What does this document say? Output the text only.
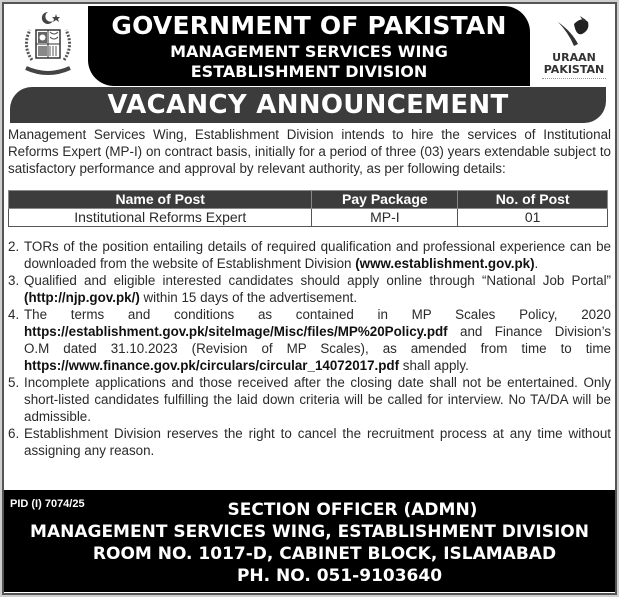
GOVERNMENT OF PAKISTAN
MANAGEMENT SERVICES WING
ESTABLISHMENT DIVISION
URAAN
PAKISTAN
VACANCY ANNOUNCEMENT
Management Services Wing, Establishment Division intends to hire the services of Institutional Reforms Expert (MP-I) on contract basis, initially for a period of three (03) years extendable subject to satisfactory performance and approval by relevant authority, as per following details:
Name of Post	Pay Package	No. of Post
Institutional Reforms Expert	MP-I	01
2. TORs of the position entailing details of required qualification and professional experience can be downloaded from the website of Establishment Division (www.establishment.gov.pk).
3. Qualified and eligible interested candidates should apply online through “National Job Portal” (http://njp.gov.pk/) within 15 days of the advertisement.
4. The terms and conditions as contained in MP Scales Policy, 2020 https://establishment.gov.pk/sitelmage/Misc/files/MP%20Policy.pdf and Finance Division’s O.M dated 31.10.2023 (Revision of MP Scales), as amended from time to time https://www.finance.gov.pk/circulars/circular_14072017.pdf shall apply.
5. Incomplete applications and those received after the closing date shall not be entertained. Only short-listed candidates fulfilling the laid down criteria will be called for interview. No TA/DA will be admissible.
6. Establishment Division reserves the right to cancel the recruitment process at any time without assigning any reason.
PID (I) 7074/25	SECTION OFFICER (ADMN)
MANAGEMENT SERVICES WING, ESTABLISHMENT DIVISION
ROOM NO. 1017-D, CABINET BLOCK, ISLAMABAD
PH. NO. 051-9103640
